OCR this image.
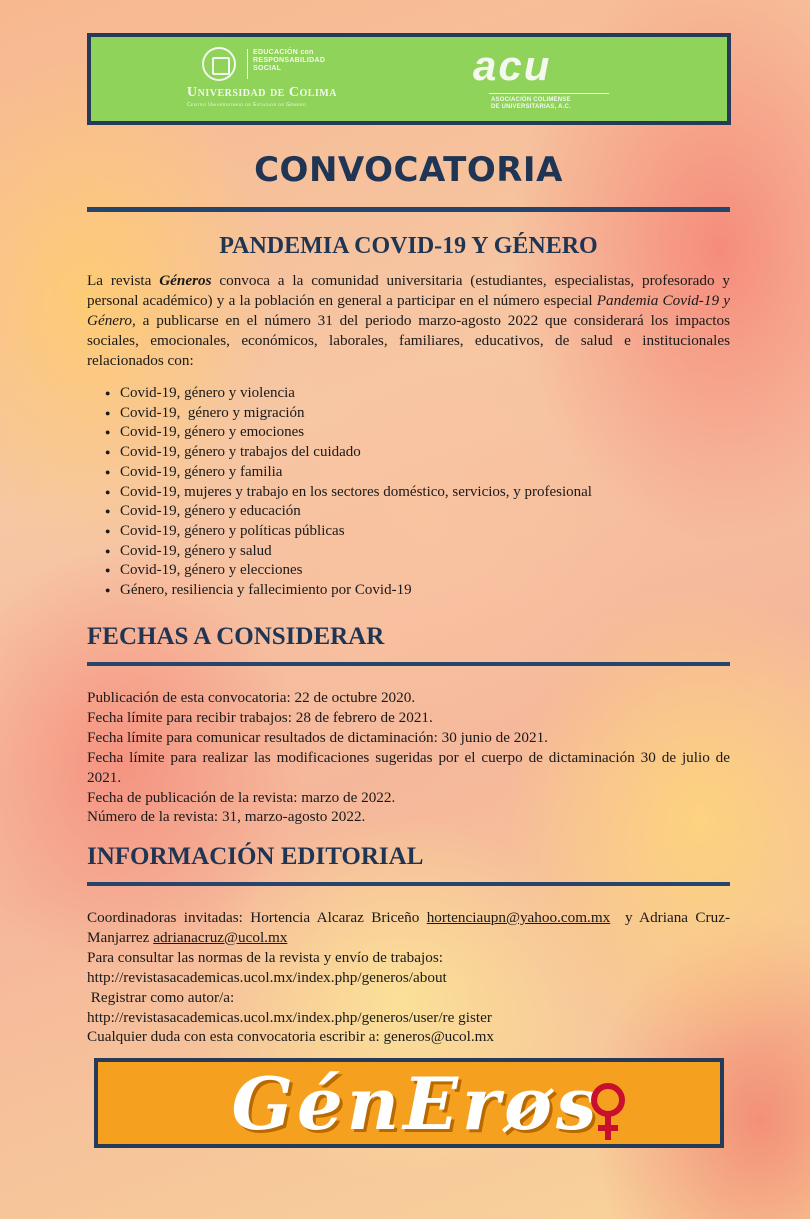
EDUCACIÓN con
RESPONSABILIDAD
SOCIAL
Universidad de Colima
Centro Universitario de Estudios de Género
acu
ASOCIACIÓN COLIMENSE
DE UNIVERSITARIAS, A.C.
CONVOCATORIA
PANDEMIA COVID-19 Y GÉNERO
La revista Géneros convoca a la comunidad universitaria (estudiantes, especialistas, profesorado y personal académico) y a la población en general a participar en el número especial Pandemia Covid-19 y Género, a publicarse en el número 31 del periodo marzo-agosto 2022 que considerará los impactos sociales, emocionales, económicos, laborales, familiares, educativos, de salud e institucionales relacionados con:
● Covid-19, género y violencia
● Covid-19,  género y migración
● Covid-19, género y emociones
● Covid-19, género y trabajos del cuidado
● Covid-19, género y familia
● Covid-19, mujeres y trabajo en los sectores doméstico, servicios, y profesional
● Covid-19, género y educación
● Covid-19, género y políticas públicas
● Covid-19, género y salud
● Covid-19, género y elecciones
● Género, resiliencia y fallecimiento por Covid-19
FECHAS A CONSIDERAR
Publicación de esta convocatoria: 22 de octubre 2020.
Fecha límite para recibir trabajos: 28 de febrero de 2021.
Fecha límite para comunicar resultados de dictaminación: 30 junio de 2021.
Fecha límite para realizar las modificaciones sugeridas por el cuerpo de dictaminación 30 de julio de 2021.
Fecha de publicación de la revista: marzo de 2022.
Número de la revista: 31, marzo-agosto 2022.
INFORMACIÓN EDITORIAL
Coordinadoras invitadas: Hortencia Alcaraz Briceño hortenciaupn@yahoo.com.mx  y Adriana Cruz-Manjarrez adrianacruz@ucol.mx
Para consultar las normas de la revista y envío de trabajos:
http://revistasacademicas.ucol.mx/index.php/generos/about
Registrar como autor/a:
http://revistasacademicas.ucol.mx/index.php/generos/user/re gister
Cualquier duda con esta convocatoria escribir a: generos@ucol.mx
GénErøs
